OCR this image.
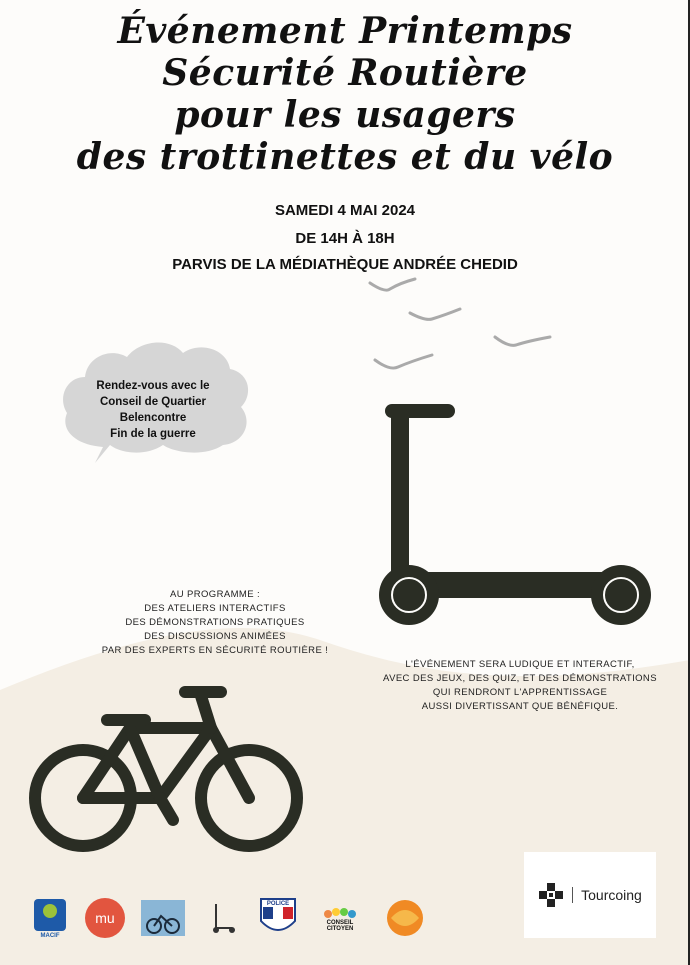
Événement Printemps
Sécurité Routière
pour les usagers
des trottinettes et du vélo
SAMEDI 4 MAI 2024
DE 14H À 18H
PARVIS DE LA MÉDIATHÈQUE ANDRÉE CHEDID
Rendez-vous avec le
Conseil de Quartier
Belencontre
Fin de la guerre
AU PROGRAMME :
DES ATELIERS INTERACTIFS
DES DÉMONSTRATIONS PRATIQUES
DES DISCUSSIONS ANIMÉES
PAR DES EXPERTS EN SÉCURITÉ ROUTIÈRE !
L'ÉVÉNEMENT SERA LUDIQUE ET INTERACTIF,
AVEC DES JEUX, DES QUIZ, ET DES DÉMONSTRATIONS
QUI RENDRONT L'APPRENTISSAGE
AUSSI DIVERTISSANT QUE BÉNÉFIQUE.
MACIF
mu
POLICE
CONSEIL
CITOYEN
Tourcoing
